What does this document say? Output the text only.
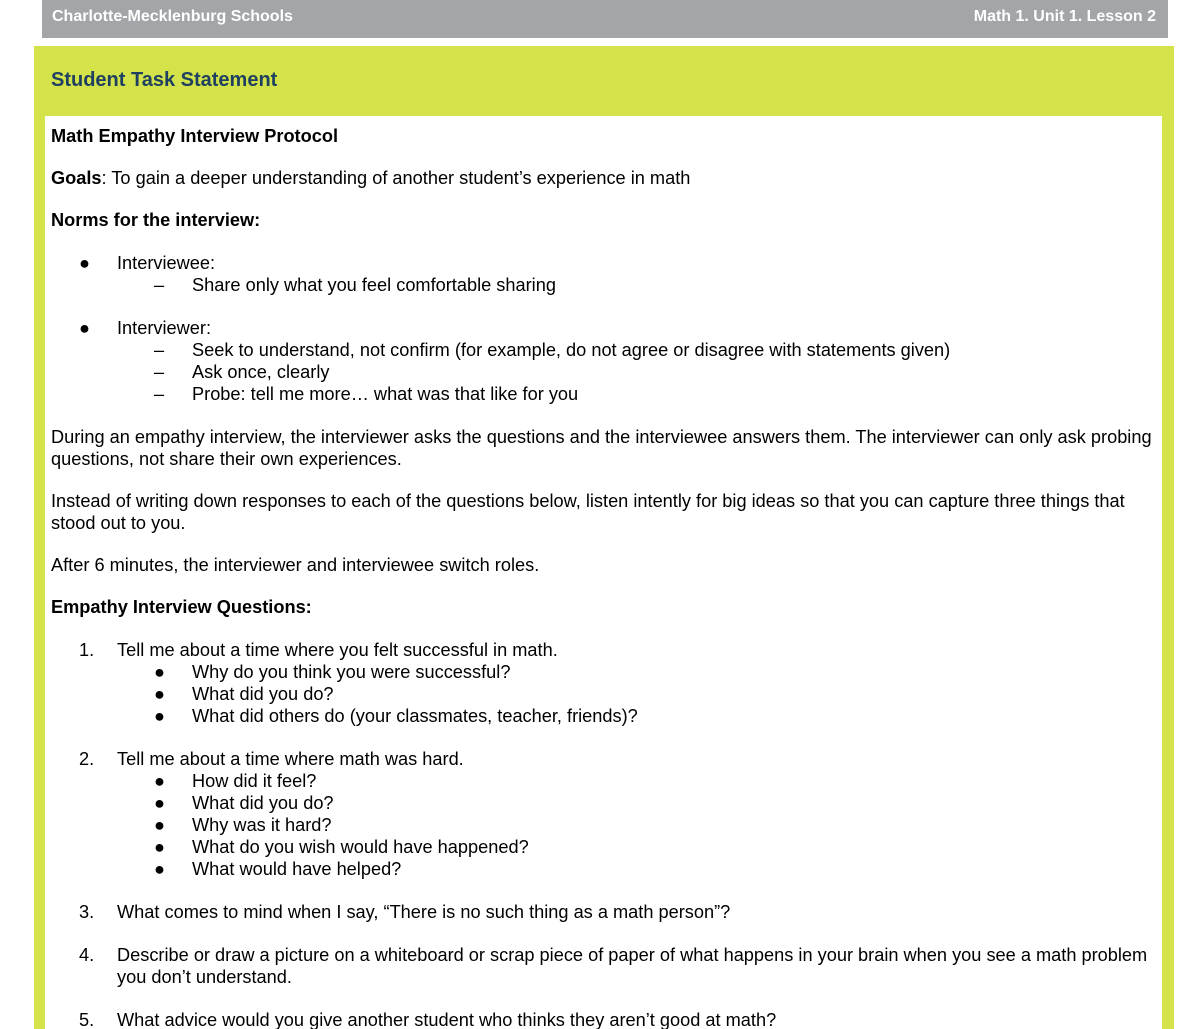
Charlotte-Mecklenburg Schools	Math 1. Unit 1. Lesson 2
Student Task Statement
Math Empathy Interview Protocol
Goals: To gain a deeper understanding of another student’s experience in math
Norms for the interview:
● Interviewee:
– Share only what you feel comfortable sharing
● Interviewer:
– Seek to understand, not confirm (for example, do not agree or disagree with statements given)
– Ask once, clearly
– Probe: tell me more… what was that like for you
During an empathy interview, the interviewer asks the questions and the interviewee answers them. The interviewer can only ask probing questions, not share their own experiences.
Instead of writing down responses to each of the questions below, listen intently for big ideas so that you can capture three things that stood out to you.
After 6 minutes, the interviewer and interviewee switch roles.
Empathy Interview Questions:
1. Tell me about a time where you felt successful in math.
● Why do you think you were successful?
● What did you do?
● What did others do (your classmates, teacher, friends)?
2. Tell me about a time where math was hard.
● How did it feel?
● What did you do?
● Why was it hard?
● What do you wish would have happened?
● What would have helped?
3. What comes to mind when I say, “There is no such thing as a math person”?
4. Describe or draw a picture on a whiteboard or scrap piece of paper of what happens in your brain when you see a math problem you don’t understand.
5. What advice would you give another student who thinks they aren’t good at math?
